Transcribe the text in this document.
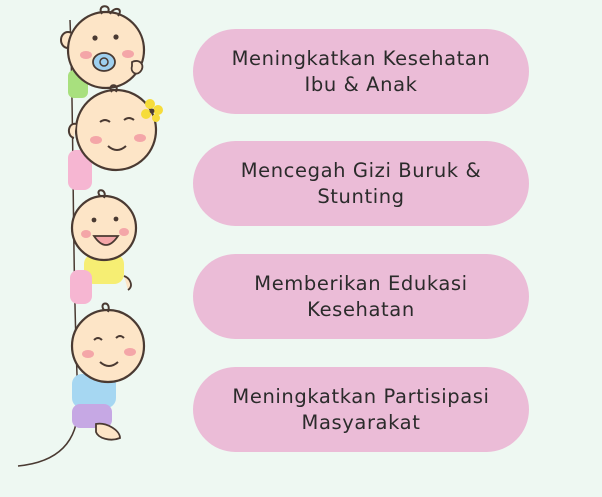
Meningkatkan Kesehatan
Ibu & Anak
Mencegah Gizi Buruk &
Stunting
Memberikan Edukasi
Kesehatan
Meningkatkan Partisipasi
Masyarakat
